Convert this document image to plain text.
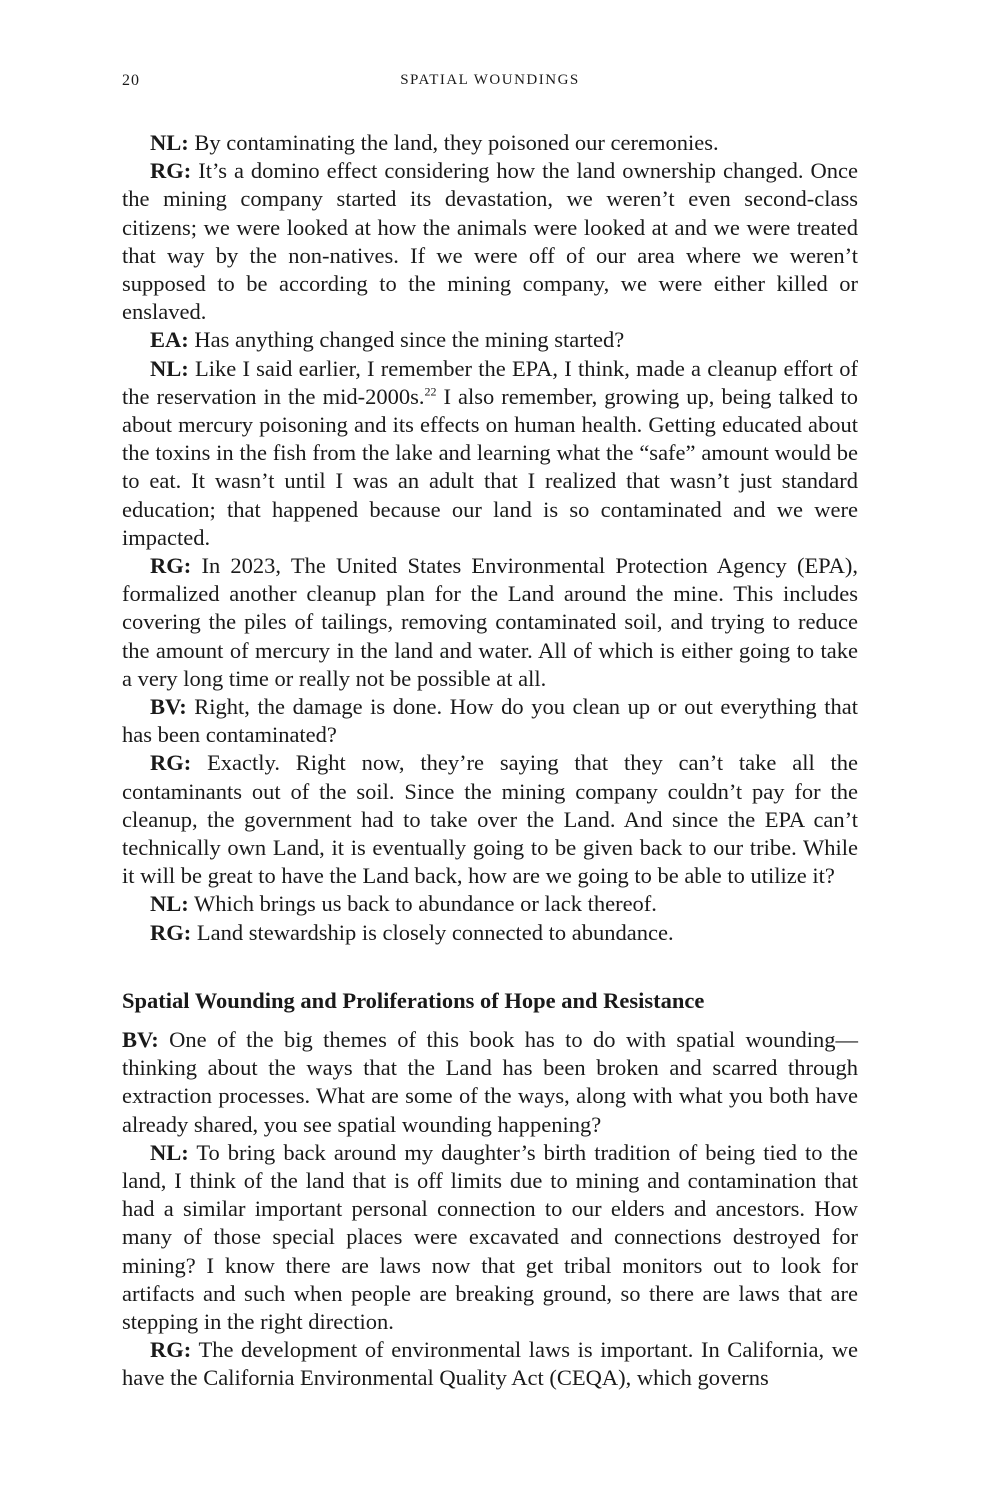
20	SPATIAL WOUNDINGS

NL: By contaminating the land, they poisoned our ceremonies.

RG: It’s a domino effect considering how the land ownership changed. Once the mining company started its devastation, we weren’t even second-class citizens; we were looked at how the animals were looked at and we were treated that way by the non-natives. If we were off of our area where we weren’t supposed to be according to the mining company, we were either killed or enslaved.

EA: Has anything changed since the mining started?

NL: Like I said earlier, I remember the EPA, I think, made a cleanup effort of the reservation in the mid-2000s.$^{22}$ I also remember, growing up, being talked to about mercury poisoning and its effects on human health. Getting educated about the toxins in the fish from the lake and learning what the “safe” amount would be to eat. It wasn’t until I was an adult that I realized that wasn’t just standard education; that happened because our land is so contaminated and we were impacted.

RG: In 2023, The United States Environmental Protection Agency (EPA), formalized another cleanup plan for the Land around the mine. This includes covering the piles of tailings, removing contaminated soil, and trying to reduce the amount of mercury in the land and water. All of which is either going to take a very long time or really not be possible at all.

BV: Right, the damage is done. How do you clean up or out everything that has been contaminated?

RG: Exactly. Right now, they’re saying that they can’t take all the contaminants out of the soil. Since the mining company couldn’t pay for the cleanup, the government had to take over the Land. And since the EPA can’t technically own Land, it is eventually going to be given back to our tribe. While it will be great to have the Land back, how are we going to be able to utilize it?

NL: Which brings us back to abundance or lack thereof.

RG: Land stewardship is closely connected to abundance.

Spatial Wounding and Proliferations of Hope and Resistance

BV: One of the big themes of this book has to do with spatial wounding—thinking about the ways that the Land has been broken and scarred through extraction processes. What are some of the ways, along with what you both have already shared, you see spatial wounding happening?

NL: To bring back around my daughter’s birth tradition of being tied to the land, I think of the land that is off limits due to mining and contamination that had a similar important personal connection to our elders and ancestors. How many of those special places were excavated and connections destroyed for mining? I know there are laws now that get tribal monitors out to look for artifacts and such when people are breaking ground, so there are laws that are stepping in the right direction.

RG: The development of environmental laws is important. In California, we have the California Environmental Quality Act (CEQA), which governs
